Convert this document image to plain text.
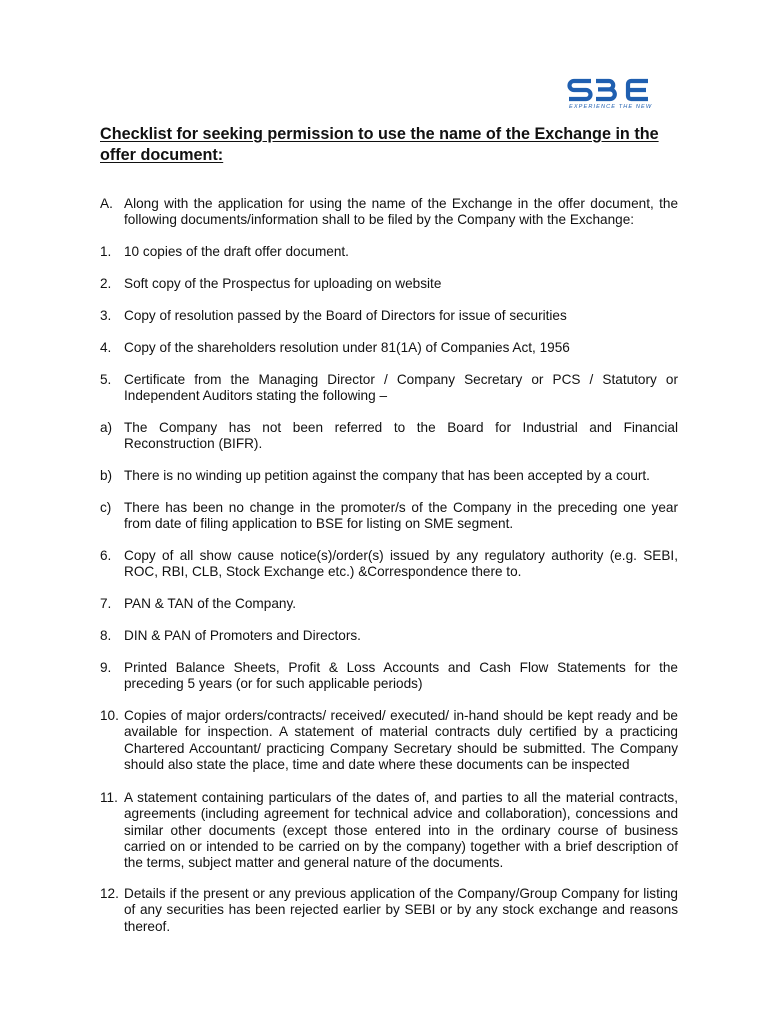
EXPERIENCE THE NEW
Checklist for seeking permission to use the name of the Exchange in the offer document:
A. Along with the application for using the name of the Exchange in the offer document, the following documents/information shall to be filed by the Company with the Exchange:
1. 10 copies of the draft offer document.
2. Soft copy of the Prospectus for uploading on website
3. Copy of resolution passed by the Board of Directors for issue of securities
4. Copy of the shareholders resolution under 81(1A) of Companies Act, 1956
5. Certificate from the Managing Director / Company Secretary or PCS / Statutory or Independent Auditors stating the following –
a) The Company has not been referred to the Board for Industrial and Financial Reconstruction (BIFR).
b) There is no winding up petition against the company that has been accepted by a court.
c) There has been no change in the promoter/s of the Company in the preceding one year from date of filing application to BSE for listing on SME segment.
6. Copy of all show cause notice(s)/order(s) issued by any regulatory authority (e.g. SEBI, ROC, RBI, CLB, Stock Exchange etc.) &Correspondence there to.
7. PAN & TAN of the Company.
8. DIN & PAN of Promoters and Directors.
9. Printed Balance Sheets, Profit & Loss Accounts and Cash Flow Statements for the preceding 5 years (or for such applicable periods)
10. Copies of major orders/contracts/ received/ executed/ in-hand should be kept ready and be available for inspection. A statement of material contracts duly certified by a practicing Chartered Accountant/ practicing Company Secretary should be submitted. The Company should also state the place, time and date where these documents can be inspected
11. A statement containing particulars of the dates of, and parties to all the material contracts, agreements (including agreement for technical advice and collaboration), concessions and similar other documents (except those entered into in the ordinary course of business carried on or intended to be carried on by the company) together with a brief description of the terms, subject matter and general nature of the documents.
12. Details if the present or any previous application of the Company/Group Company for listing of any securities has been rejected earlier by SEBI or by any stock exchange and reasons thereof.
